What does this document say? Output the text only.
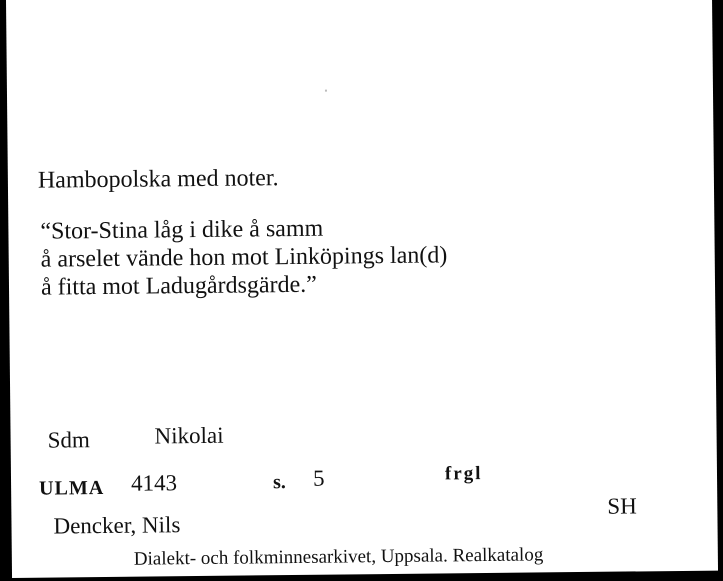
Hambopolska med noter.
“Stor-Stina låg i dike å samm
å arselet vände hon mot Linköpings lan(d)
å fitta mot Ladugårdsgärde.”
Sdm	Nikolai
ULMA 4143	s. 5	frgl
Dencker, Nils
SH
Dialekt- och folkminnesarkivet, Uppsala. Realkatalog
